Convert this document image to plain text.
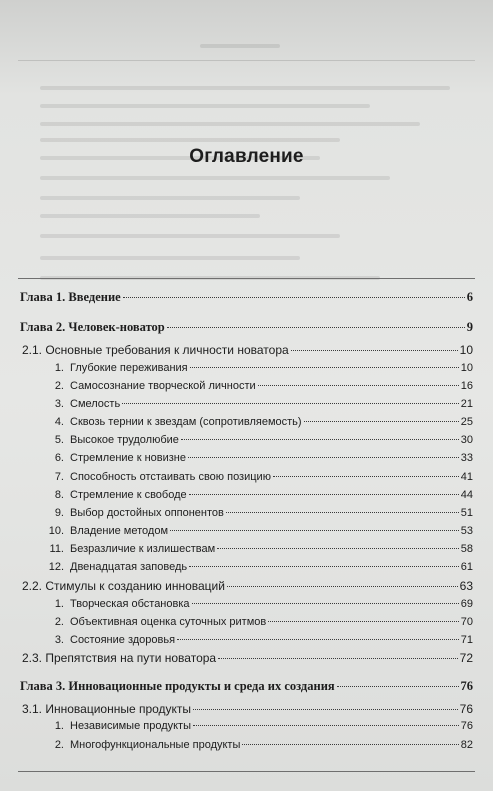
Оглавление
Глава 1. Введение	6
Глава 2. Человек-новатор	9
2.1. Основные требования к личности новатора	10
1. Глубокие переживания	10
2. Самосознание творческой личности	16
3. Смелость	21
4. Сквозь тернии к звездам (сопротивляемость)	25
5. Высокое трудолюбие	30
6. Стремление к новизне	33
7. Способность отстаивать свою позицию	41
8. Стремление к свободе	44
9. Выбор достойных оппонентов	51
10. Владение методом	53
11. Безразличие к излишествам	58
12. Двенадцатая заповедь	61
2.2. Стимулы к созданию инноваций	63
1. Творческая обстановка	69
2. Объективная оценка суточных ритмов	70
3. Состояние здоровья	71
2.3. Препятствия на пути новатора	72
Глава 3. Инновационные продукты и среда их создания	76
3.1. Инновационные продукты	76
1. Независимые продукты	76
2. Многофункциональные продукты	82
